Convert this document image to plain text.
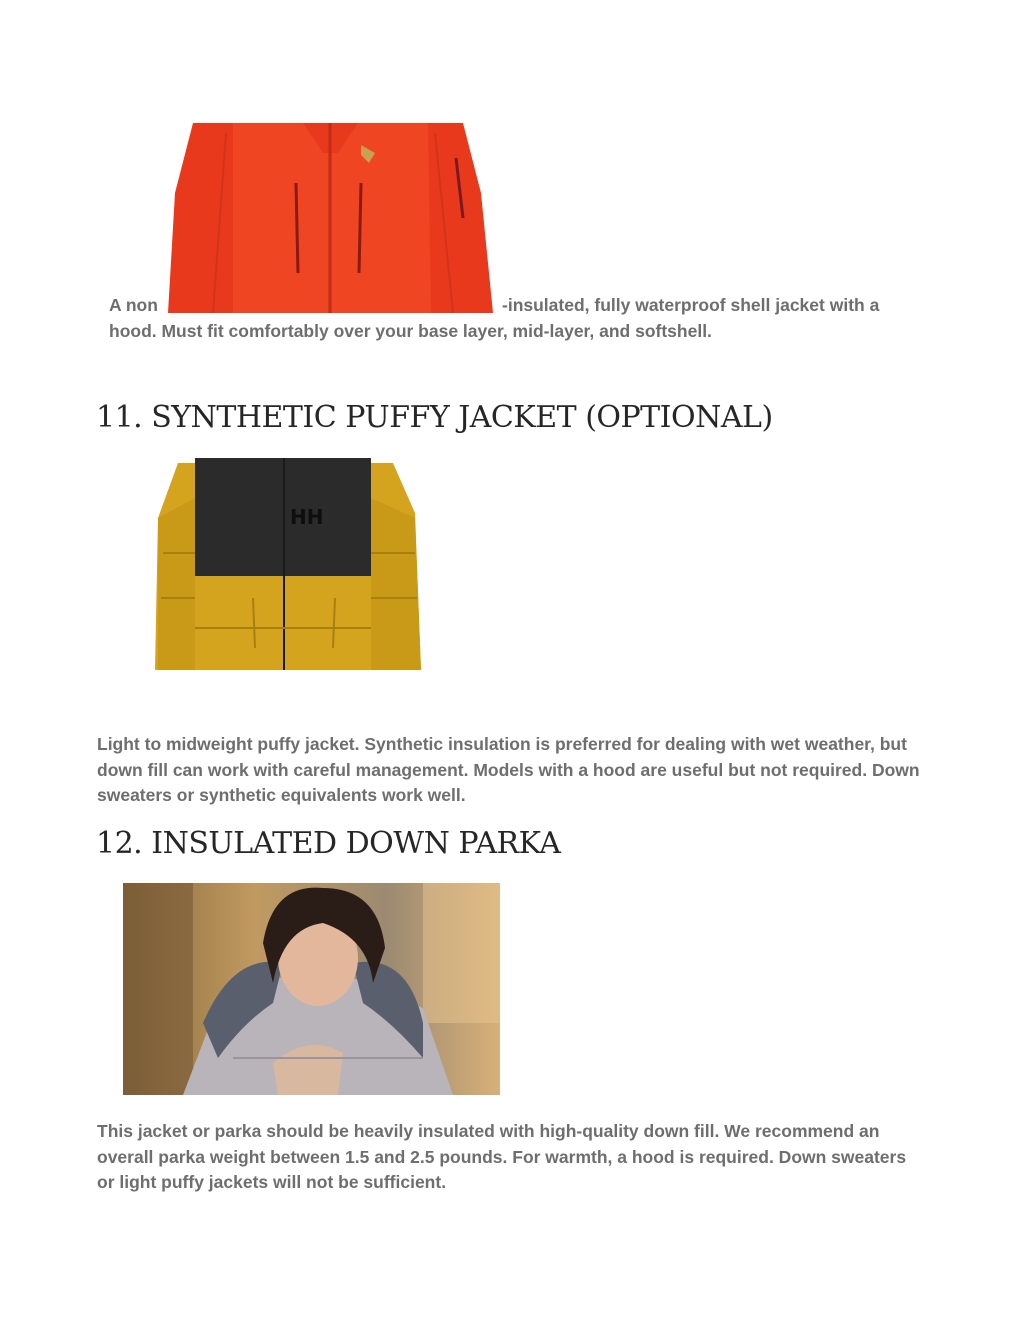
A non	-insulated, fully waterproof shell jacket with a
hood. Must fit comfortably over your base layer, mid-layer, and softshell.
11. SYNTHETIC PUFFY JACKET (OPTIONAL)
HH

Light to midweight puffy jacket. Synthetic insulation is preferred for dealing with wet weather, but down fill can work with careful management. Models with a hood are useful but not required. Down sweaters or synthetic equivalents work well.

12. INSULATED DOWN PARKA

This jacket or parka should be heavily insulated with high-quality down fill. We recommend an overall parka weight between 1.5 and 2.5 pounds. For warmth, a hood is required. Down sweaters or light puffy jackets will not be sufficient.
